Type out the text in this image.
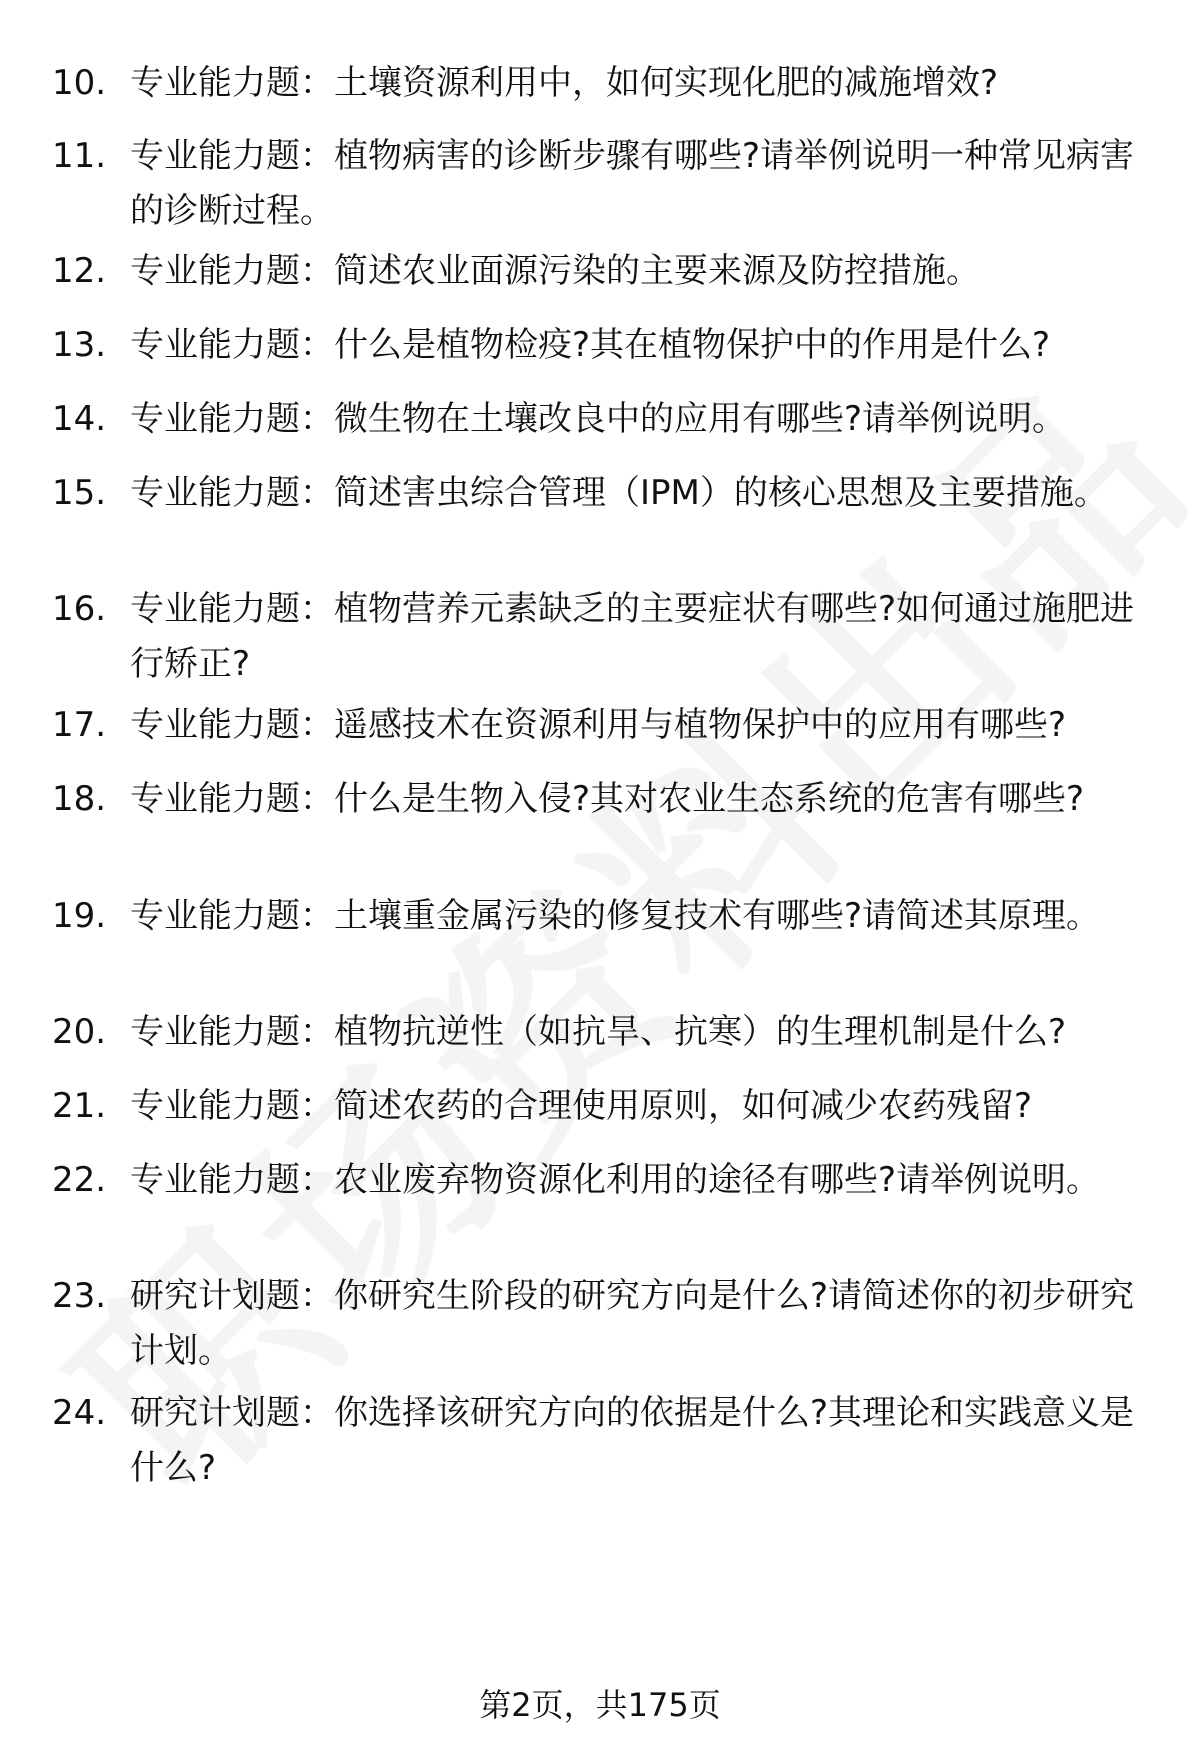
10. 专业能力题：土壤资源利用中，如何实现化肥的减施增效?
11. 专业能力题：植物病害的诊断步骤有哪些?请举例说明一种常见病害的诊断过程。
12. 专业能力题：简述农业面源污染的主要来源及防控措施。
13. 专业能力题：什么是植物检疫?其在植物保护中的作用是什么?
14. 专业能力题：微生物在土壤改良中的应用有哪些?请举例说明。
15. 专业能力题：简述害虫综合管理（IPM）的核心思想及主要措施。
16. 专业能力题：植物营养元素缺乏的主要症状有哪些?如何通过施肥进行矫正?
17. 专业能力题：遥感技术在资源利用与植物保护中的应用有哪些?
18. 专业能力题：什么是生物入侵?其对农业生态系统的危害有哪些?
19. 专业能力题：土壤重金属污染的修复技术有哪些?请简述其原理。
20. 专业能力题：植物抗逆性（如抗旱、抗寒）的生理机制是什么?
21. 专业能力题：简述农药的合理使用原则，如何减少农药残留?
22. 专业能力题：农业废弃物资源化利用的途径有哪些?请举例说明。
23. 研究计划题：你研究生阶段的研究方向是什么?请简述你的初步研究计划。
24. 研究计划题：你选择该研究方向的依据是什么?其理论和实践意义是什么?
第2页，共175页
